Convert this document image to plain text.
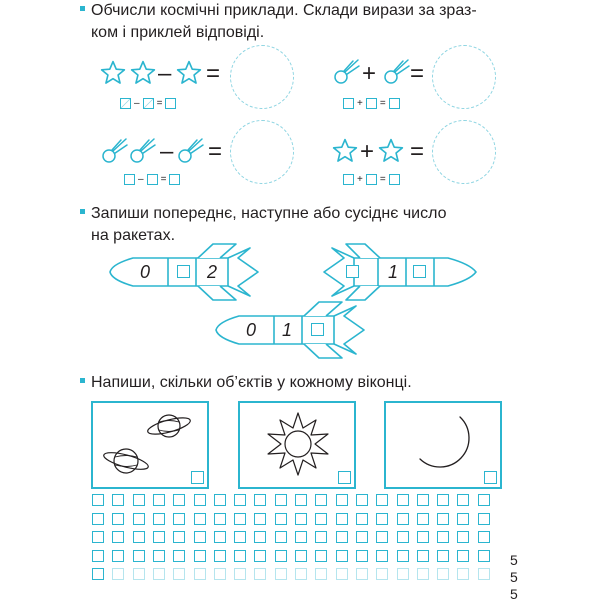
Обчисли космічні приклади. Склади вирази за зраз-
ком і приклей відповіді.
– =
– =
+ =
+ =
– =
– =
+ =
+ =
Запиши попереднє, наступне або сусіднє число
на ракетах.
0	2	1
0 1
Напиши, скільки об’єктів у кожному віконці.
5
5
5
